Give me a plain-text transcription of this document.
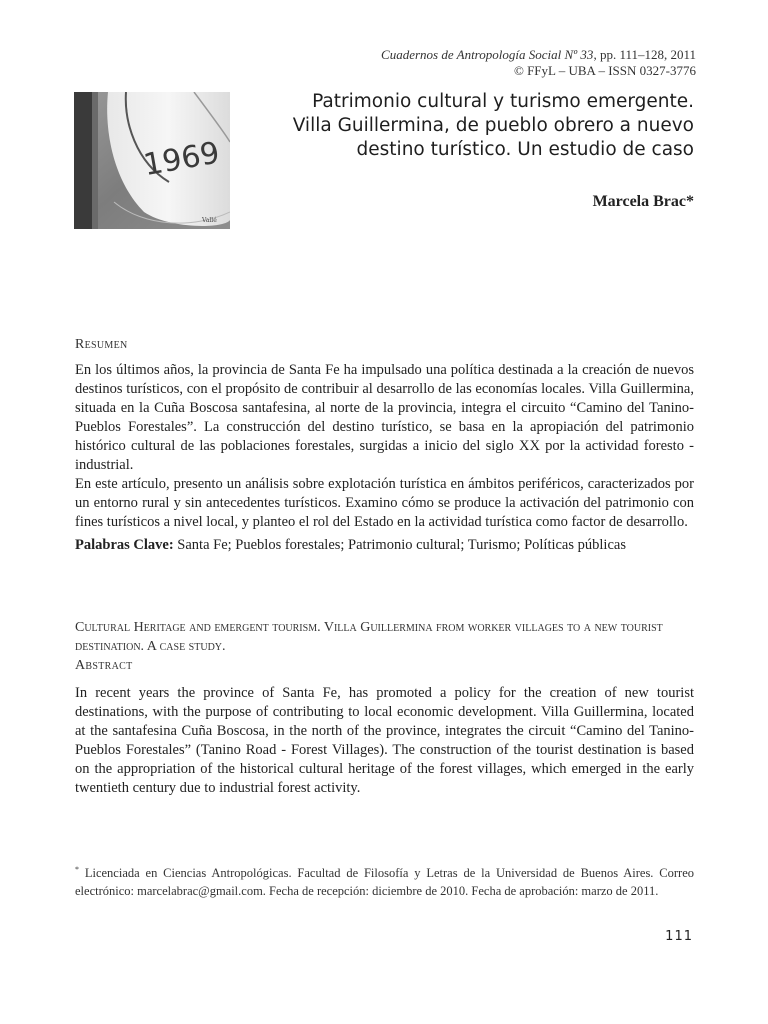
Cuadernos de Antropología Social Nº 33, pp. 111–128, 2011
© FFyL – UBA – ISSN 0327-3776
1969
Vallé
Patrimonio cultural y turismo emergente.
Villa Guillermina, de pueblo obrero a nuevo
destino turístico. Un estudio de caso
Marcela Brac*
Resumen

En los últimos años, la provincia de Santa Fe ha impulsado una política destinada a la creación de nuevos destinos turísticos, con el propósito de contribuir al desarrollo de las economías locales. Villa Guillermina, situada en la Cuña Boscosa santafesina, al norte de la provincia, integra el circuito “Camino del Tanino-Pueblos Forestales”. La construcción del destino turístico, se basa en la apropiación del patrimonio histórico cultural de las poblaciones forestales, surgidas a inicio del siglo XX por la actividad foresto - industrial.

En este artículo, presento un análisis sobre explotación turística en ámbitos periféricos, caracterizados por un entorno rural y sin antecedentes turísticos. Examino cómo se produce la activación del patrimonio con fines turísticos a nivel local, y planteo el rol del Estado en la actividad turística como factor de desarrollo.

Palabras Clave: Santa Fe; Pueblos forestales; Patrimonio cultural; Turismo; Políticas públicas

Cultural Heritage and emergent tourism. Villa Guillermina from worker villages to a new tourist destination. A case study.
Abstract

In recent years the province of Santa Fe, has promoted a policy for the creation of new tourist destinations, with the purpose of contributing to local economic development. Villa Guillermina, located at the santafesina Cuña Boscosa, in the north of the province, integrates the circuit “Camino del Tanino- Pueblos Forestales” (Tanino Road - Forest Villages). The construction of the tourist destination is based on the appropriation of the historical cultural heritage of the forest villages, which emerged in the early twentieth century due to industrial forest activity.

* Licenciada en Ciencias Antropológicas. Facultad de Filosofía y Letras de la Universidad de Buenos Aires. Correo electrónico: marcelabrac@gmail.com. Fecha de recepción: diciembre de 2010. Fecha de aprobación: marzo de 2011.
111
